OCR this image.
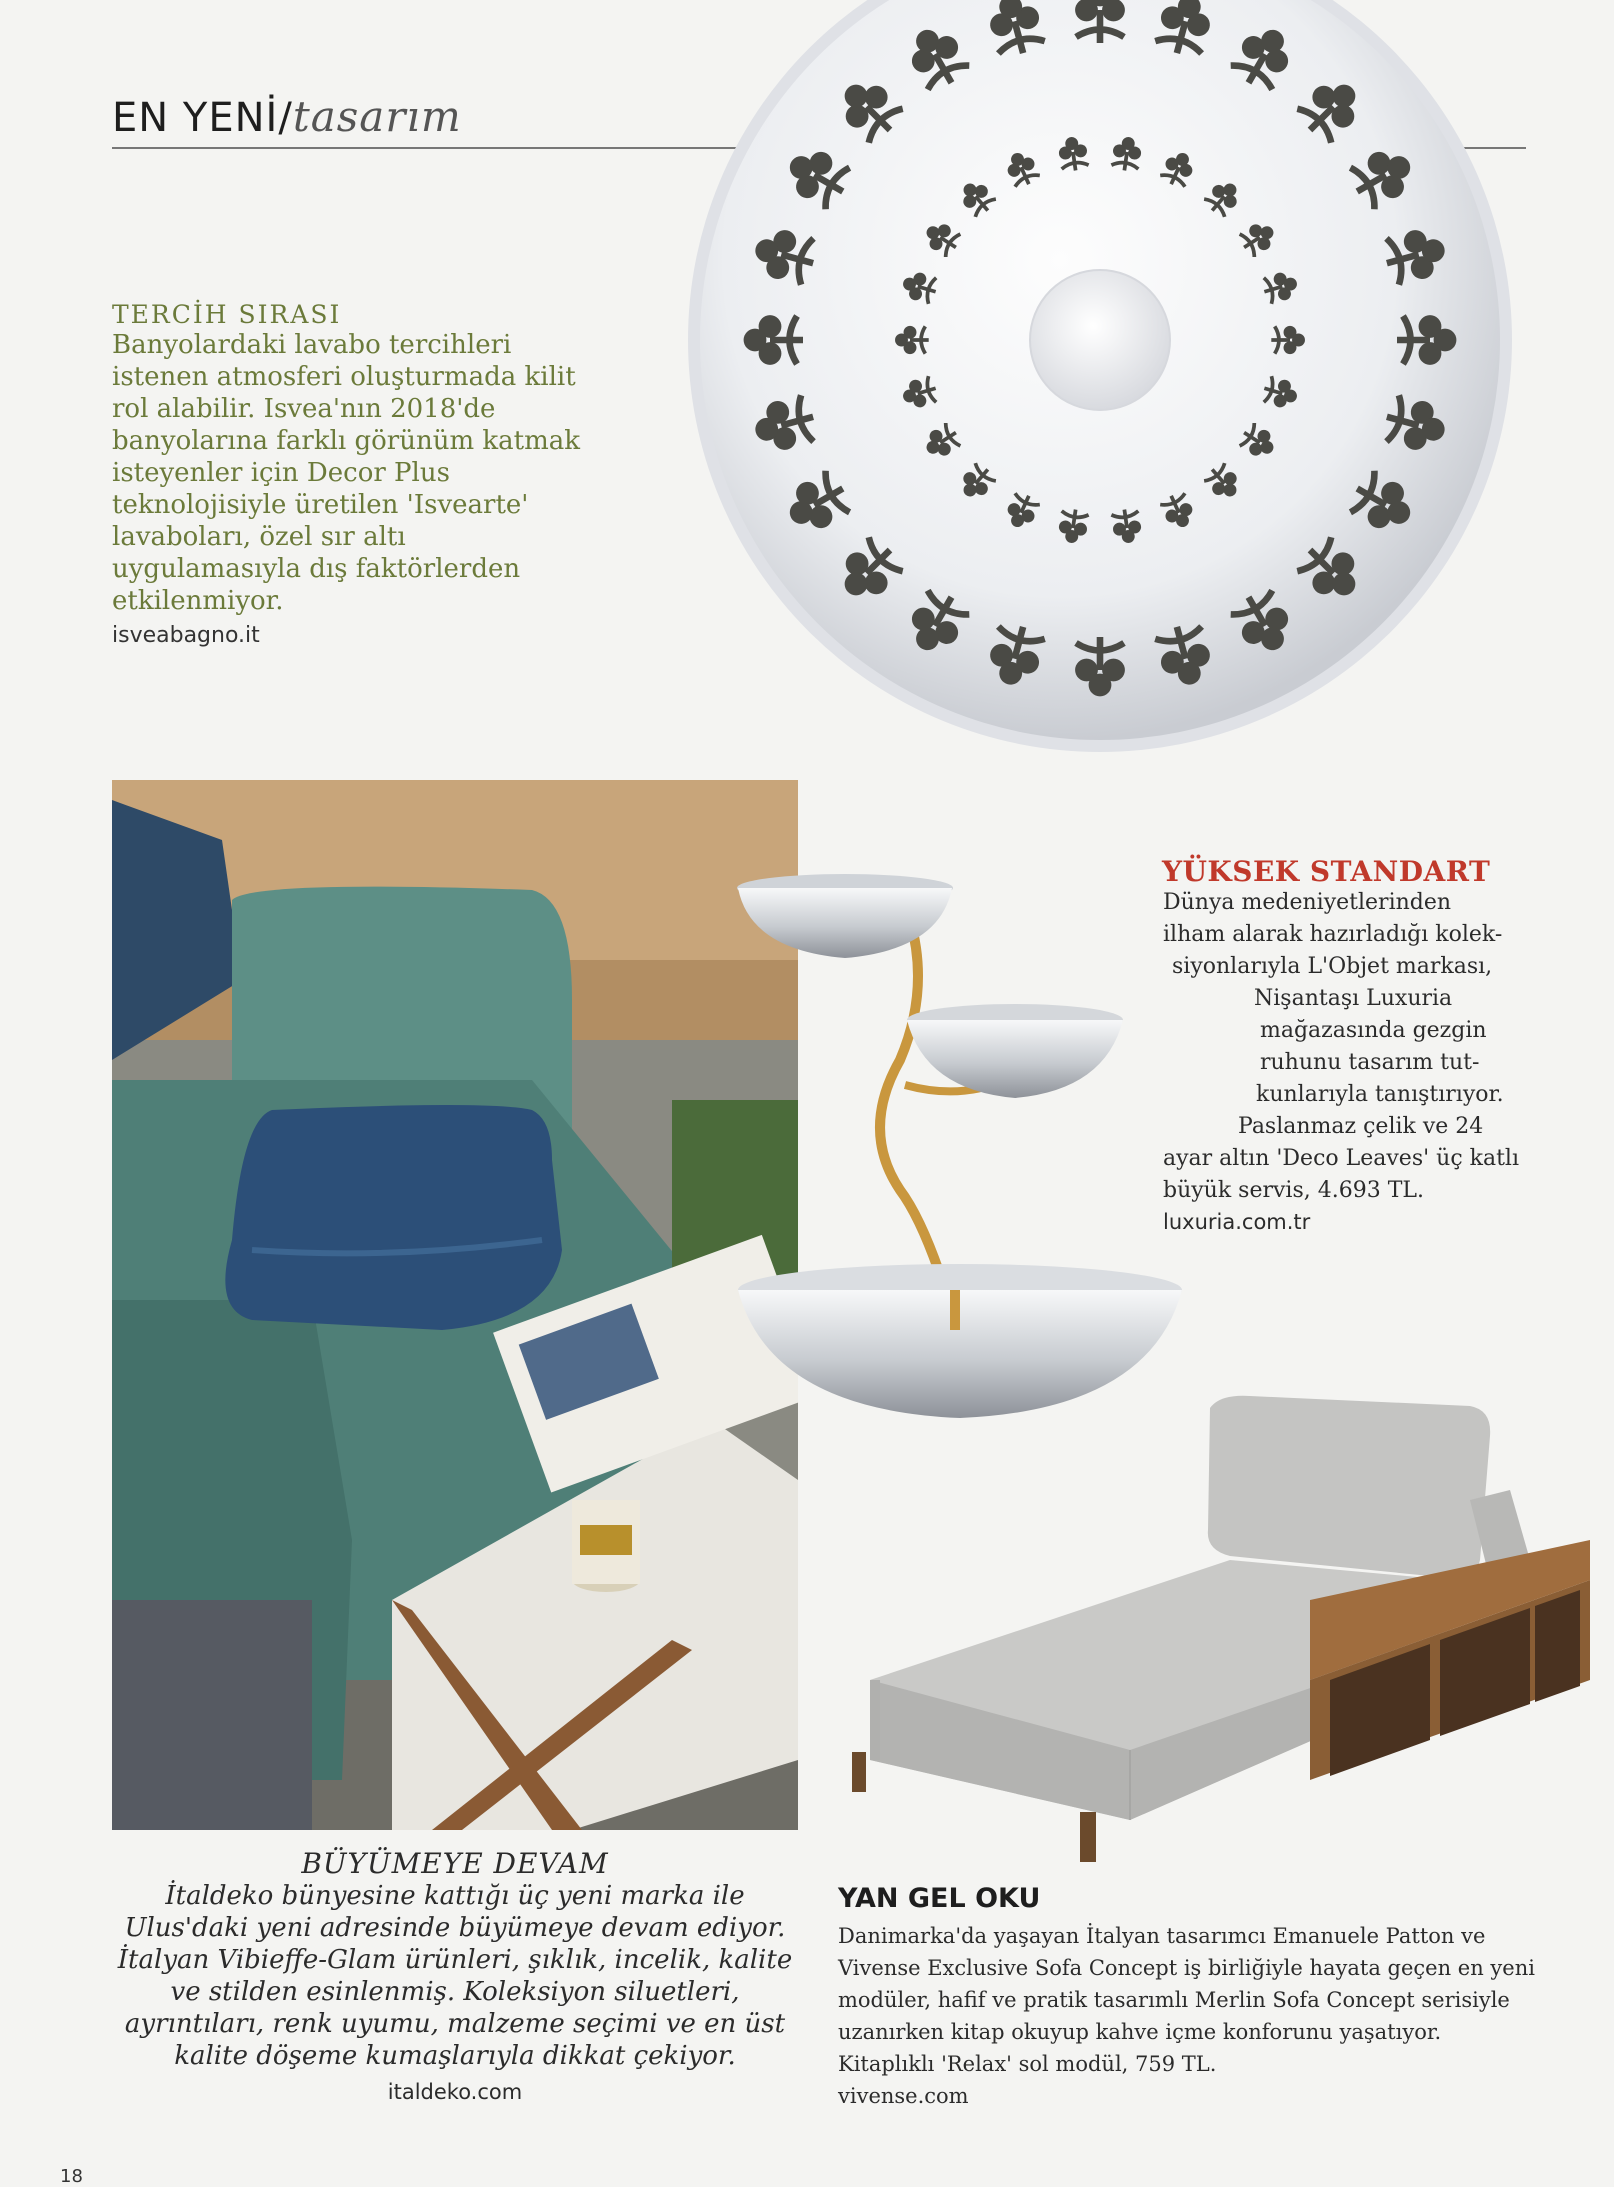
EN YENİ/tasarım
TERCİH SIRASI
Banyolardaki lavabo tercihleri istenen atmosferi oluşturmada kilit rol alabilir. Isvea'nın 2018'de banyolarına farklı görünüm katmak isteyenler için Decor Plus teknolojisiyle üretilen 'Isvearte' lavaboları, özel sır altı uygulamasıyla dış faktörlerden etkilenmiyor.
isveabagno.it
YÜKSEK STANDART
Dünya medeniyetlerinden
ilham alarak hazırladığı kolek-
siyonlarıyla L'Objet markası,
Nişantaşı Luxuria
mağazasında gezgin
ruhunu tasarım tut-
kunlarıyla tanıştırıyor.
Paslanmaz çelik ve 24
ayar altın 'Deco Leaves' üç katlı
büyük servis, 4.693 TL.
luxuria.com.tr
BÜYÜMEYE DEVAM
İtaldeko bünyesine kattığı üç yeni marka ile Ulus'daki yeni adresinde büyümeye devam ediyor. İtalyan Vibieffe-Glam ürünleri, şıklık, incelik, kalite ve stilden esinlenmiş. Koleksiyon siluetleri, ayrıntıları, renk uyumu, malzeme seçimi ve en üst kalite döşeme kumaşlarıyla dikkat çekiyor.
italdeko.com
YAN GEL OKU
Danimarka'da yaşayan İtalyan tasarımcı Emanuele Patton ve Vivense Exclusive Sofa Concept iş birliğiyle hayata geçen en yeni modüler, hafif ve pratik tasarımlı Merlin Sofa Concept serisiyle uzanırken kitap okuyup kahve içme konforunu yaşatıyor. Kitaplıklı 'Relax' sol modül, 759 TL.
vivense.com
18
